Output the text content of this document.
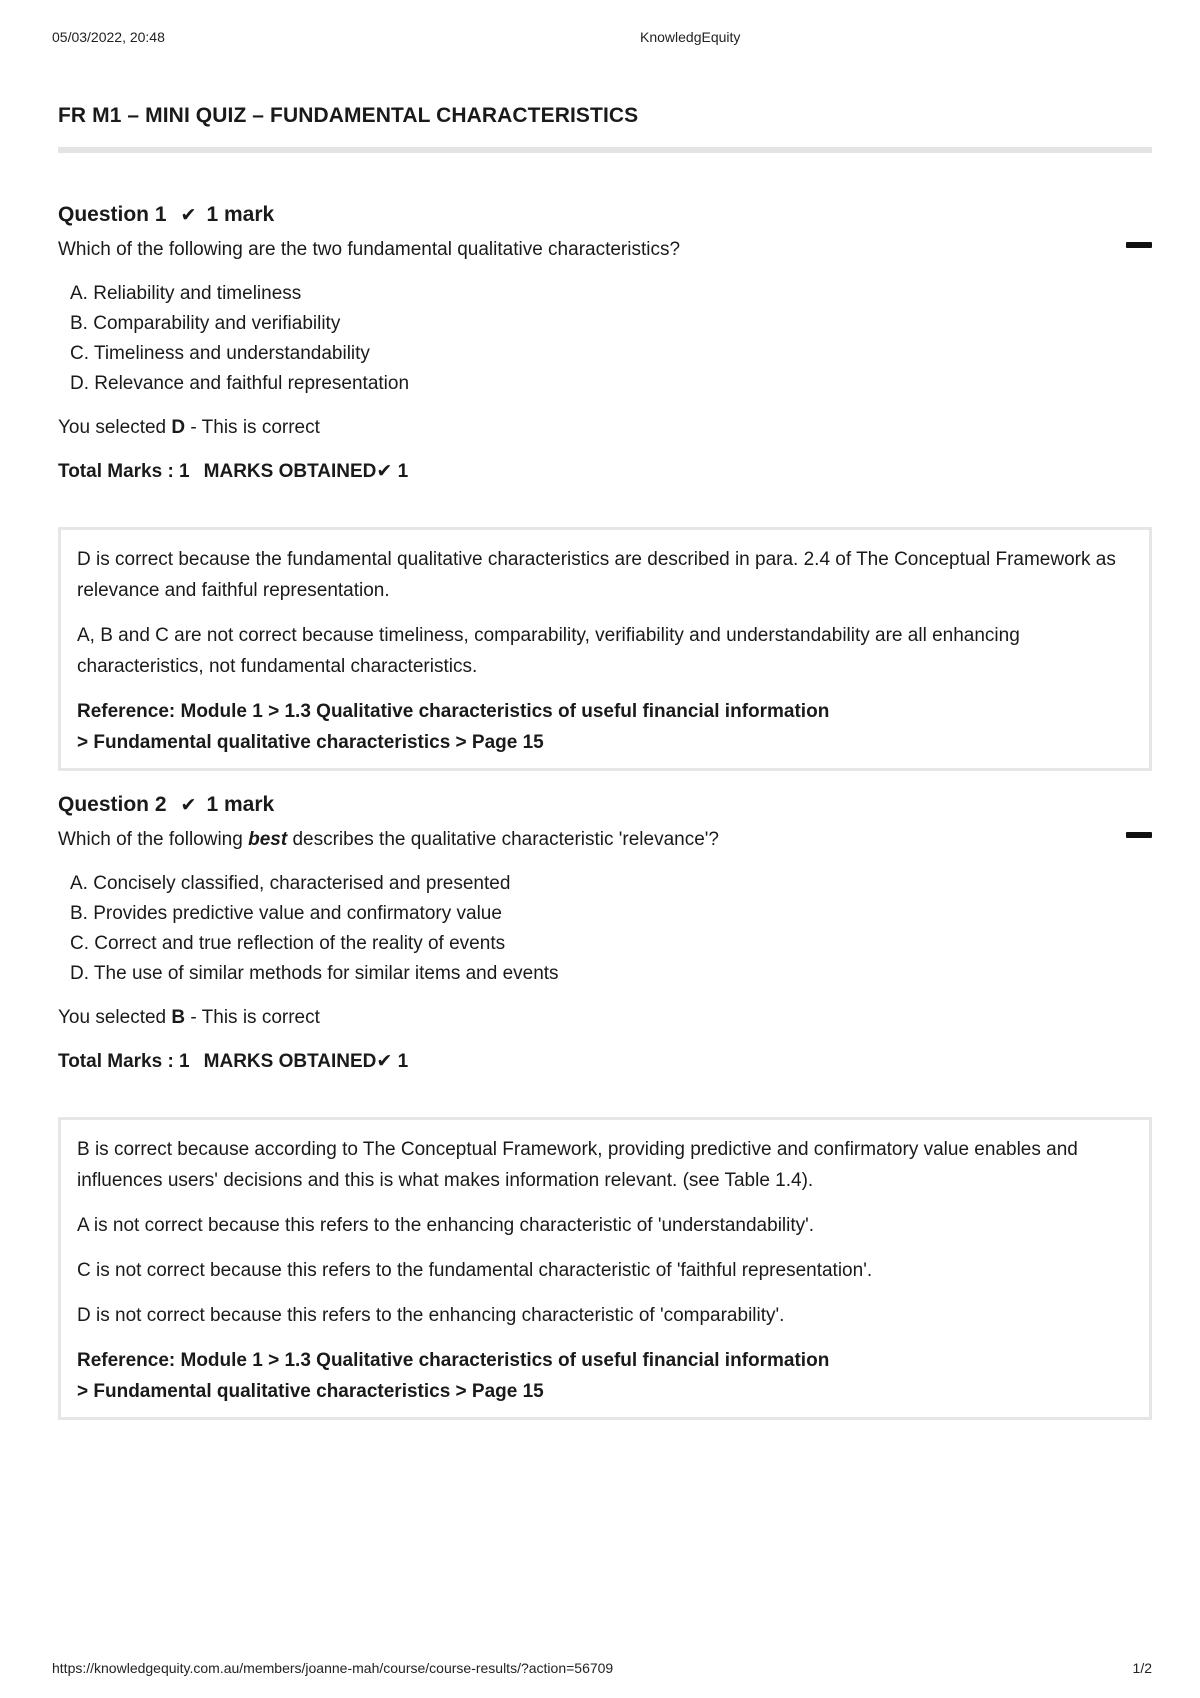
05/03/2022, 20:48	KnowledgEquity
FR M1 – MINI QUIZ – FUNDAMENTAL CHARACTERISTICS
Question 1 ✔ 1 mark
Which of the following are the two fundamental qualitative characteristics?
A. Reliability and timeliness
B. Comparability and verifiability
C. Timeliness and understandability
D. Relevance and faithful representation
You selected D - This is correct
Total Marks : 1 MARKS OBTAINED✔ 1

D is correct because the fundamental qualitative characteristics are described in para. 2.4 of The Conceptual Framework as relevance and faithful representation.

A, B and C are not correct because timeliness, comparability, verifiability and understandability are all enhancing characteristics, not fundamental characteristics.

Reference: Module 1 > 1.3 Qualitative characteristics of useful financial information
> Fundamental qualitative characteristics > Page 15

Question 2 ✔ 1 mark
Which of the following best describes the qualitative characteristic 'relevance'?
A. Concisely classified, characterised and presented
B. Provides predictive value and confirmatory value
C. Correct and true reflection of the reality of events
D. The use of similar methods for similar items and events
You selected B - This is correct
Total Marks : 1 MARKS OBTAINED✔ 1

B is correct because according to The Conceptual Framework, providing predictive and confirmatory value enables and influences users' decisions and this is what makes information relevant. (see Table 1.4).

A is not correct because this refers to the enhancing characteristic of 'understandability'.

C is not correct because this refers to the fundamental characteristic of 'faithful representation'.

D is not correct because this refers to the enhancing characteristic of 'comparability'.

Reference: Module 1 > 1.3 Qualitative characteristics of useful financial information
> Fundamental qualitative characteristics > Page 15

https://knowledgequity.com.au/members/joanne-mah/course/course-results/?action=56709	1/2
